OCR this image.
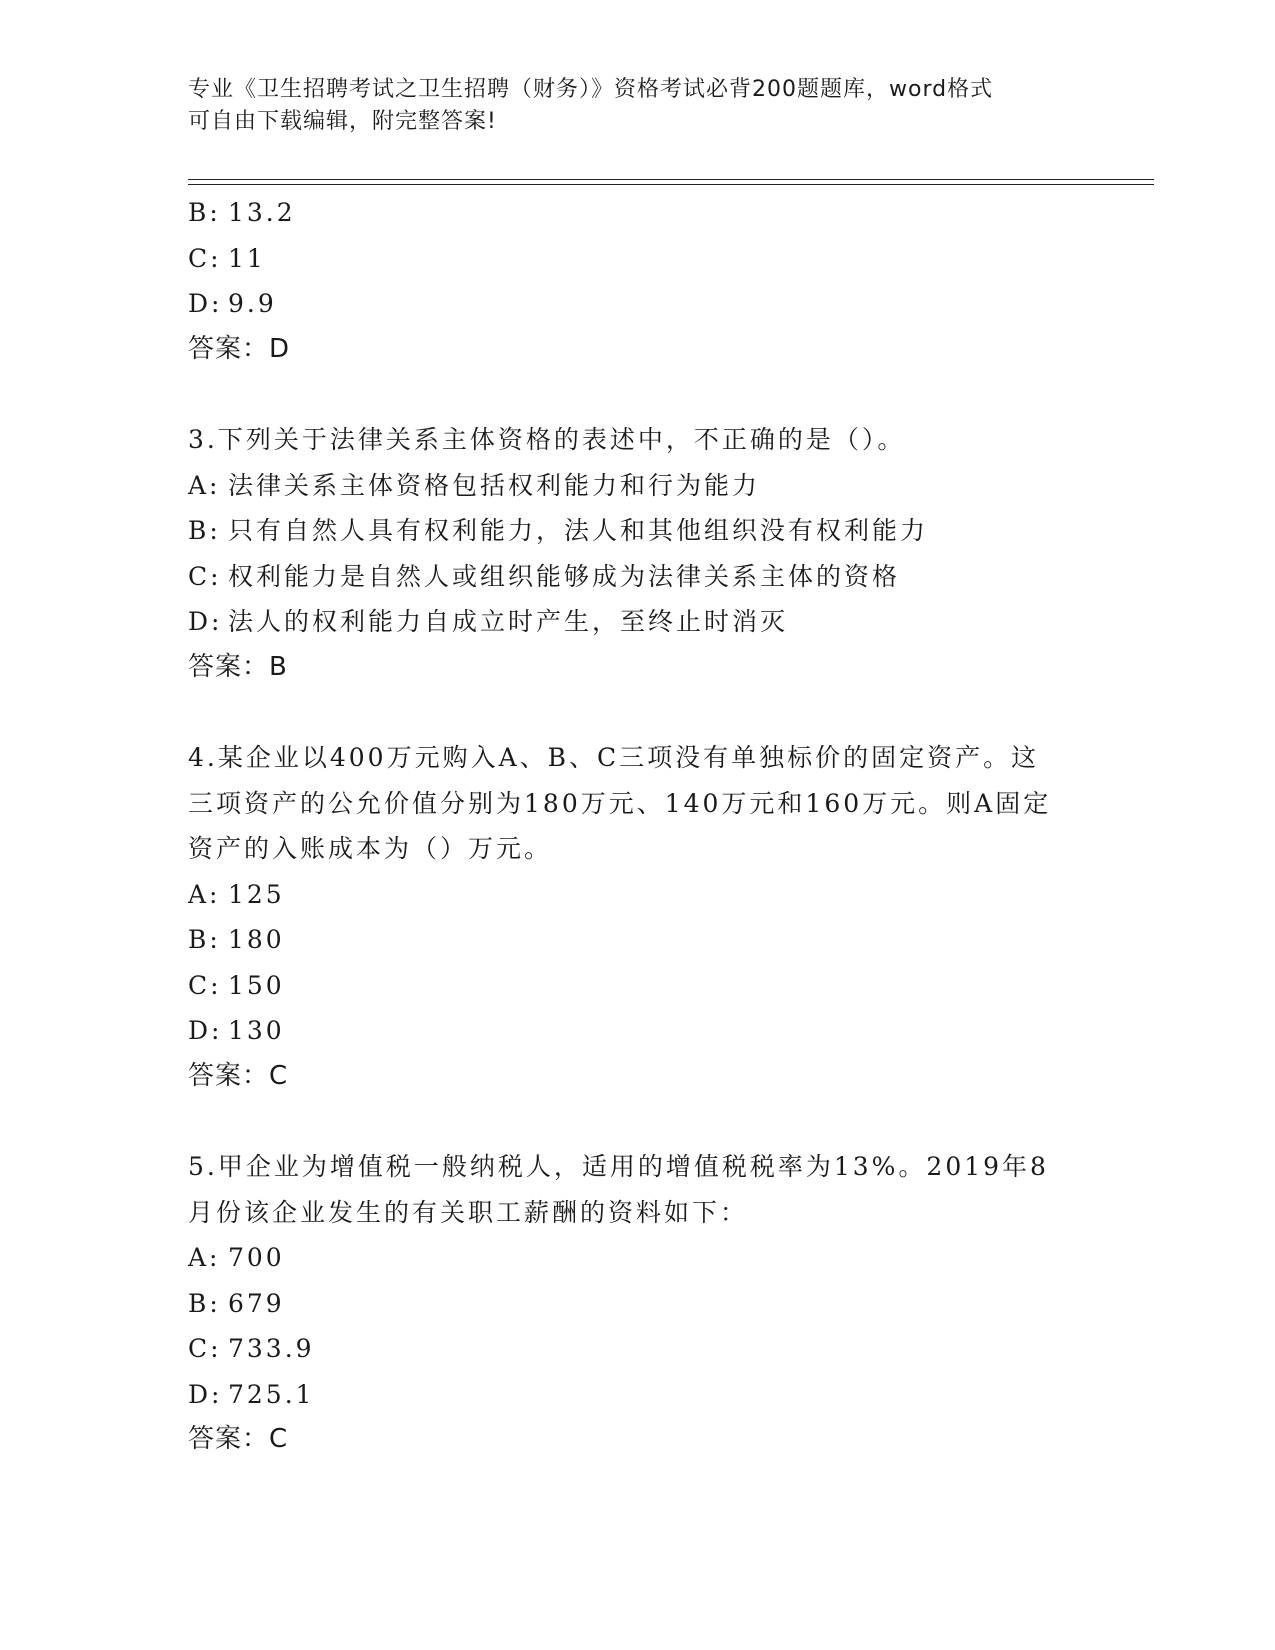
专业《卫生招聘考试之卫生招聘（财务）》资格考试必背200题题库，word格式
可自由下载编辑，附完整答案!
B: 13.2
C: 11
D: 9.9
答案：D
3.下列关于法律关系主体资格的表述中，不正确的是（）。
A: 法律关系主体资格包括权利能力和行为能力
B: 只有自然人具有权利能力，法人和其他组织没有权利能力
C: 权利能力是自然人或组织能够成为法律关系主体的资格
D: 法人的权利能力自成立时产生，至终止时消灭
答案：B
4.某企业以400万元购入A、B、C三项没有单独标价的固定资产。这
三项资产的公允价值分别为180万元、140万元和160万元。则A固定
资产的入账成本为（）万元。
A: 125
B: 180
C: 150
D: 130
答案：C
5.甲企业为增值税一般纳税人，适用的增值税税率为13%。2019年8
月份该企业发生的有关职工薪酬的资料如下：
A: 700
B: 679
C: 733.9
D: 725.1
答案：C
